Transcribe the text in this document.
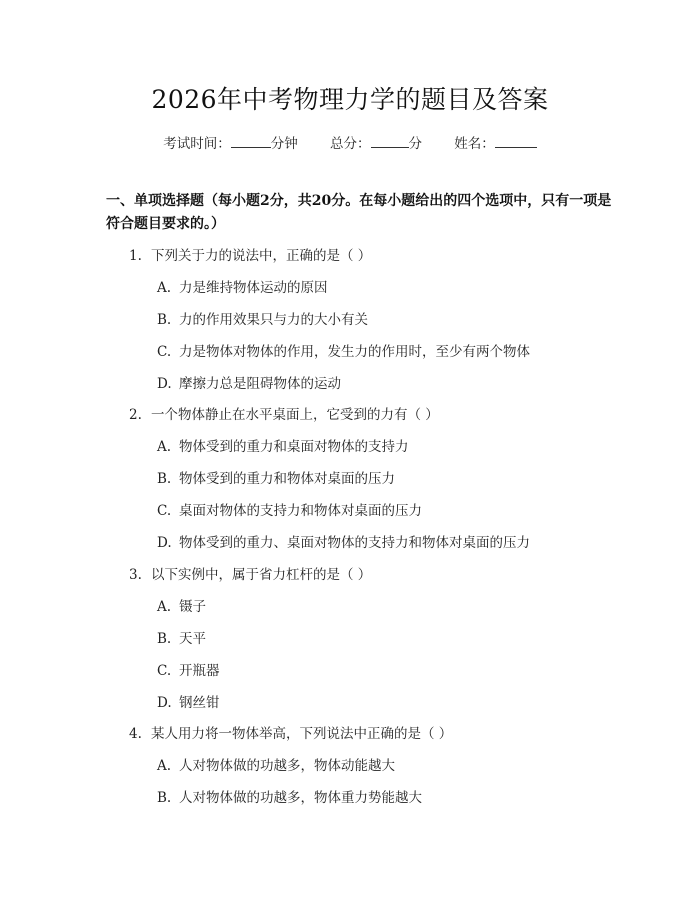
2026年中考物理力学的题目及答案
考试时间：	分钟 总分：	分 姓名：
一、单项选择题（每小题2分，共20分。在每小题给出的四个选项中，只有一项是符合题目要求的。）
1. 下列关于力的说法中，正确的是（ ）
A. 力是维持物体运动的原因
B. 力的作用效果只与力的大小有关
C. 力是物体对物体的作用，发生力的作用时，至少有两个物体
D. 摩擦力总是阻碍物体的运动
2. 一个物体静止在水平桌面上，它受到的力有（ ）
A. 物体受到的重力和桌面对物体的支持力
B. 物体受到的重力和物体对桌面的压力
C. 桌面对物体的支持力和物体对桌面的压力
D. 物体受到的重力、桌面对物体的支持力和物体对桌面的压力
3. 以下实例中，属于省力杠杆的是（ ）
A. 镊子
B. 天平
C. 开瓶器
D. 钢丝钳
4. 某人用力将一物体举高，下列说法中正确的是（ ）
A. 人对物体做的功越多，物体动能越大
B. 人对物体做的功越多，物体重力势能越大
